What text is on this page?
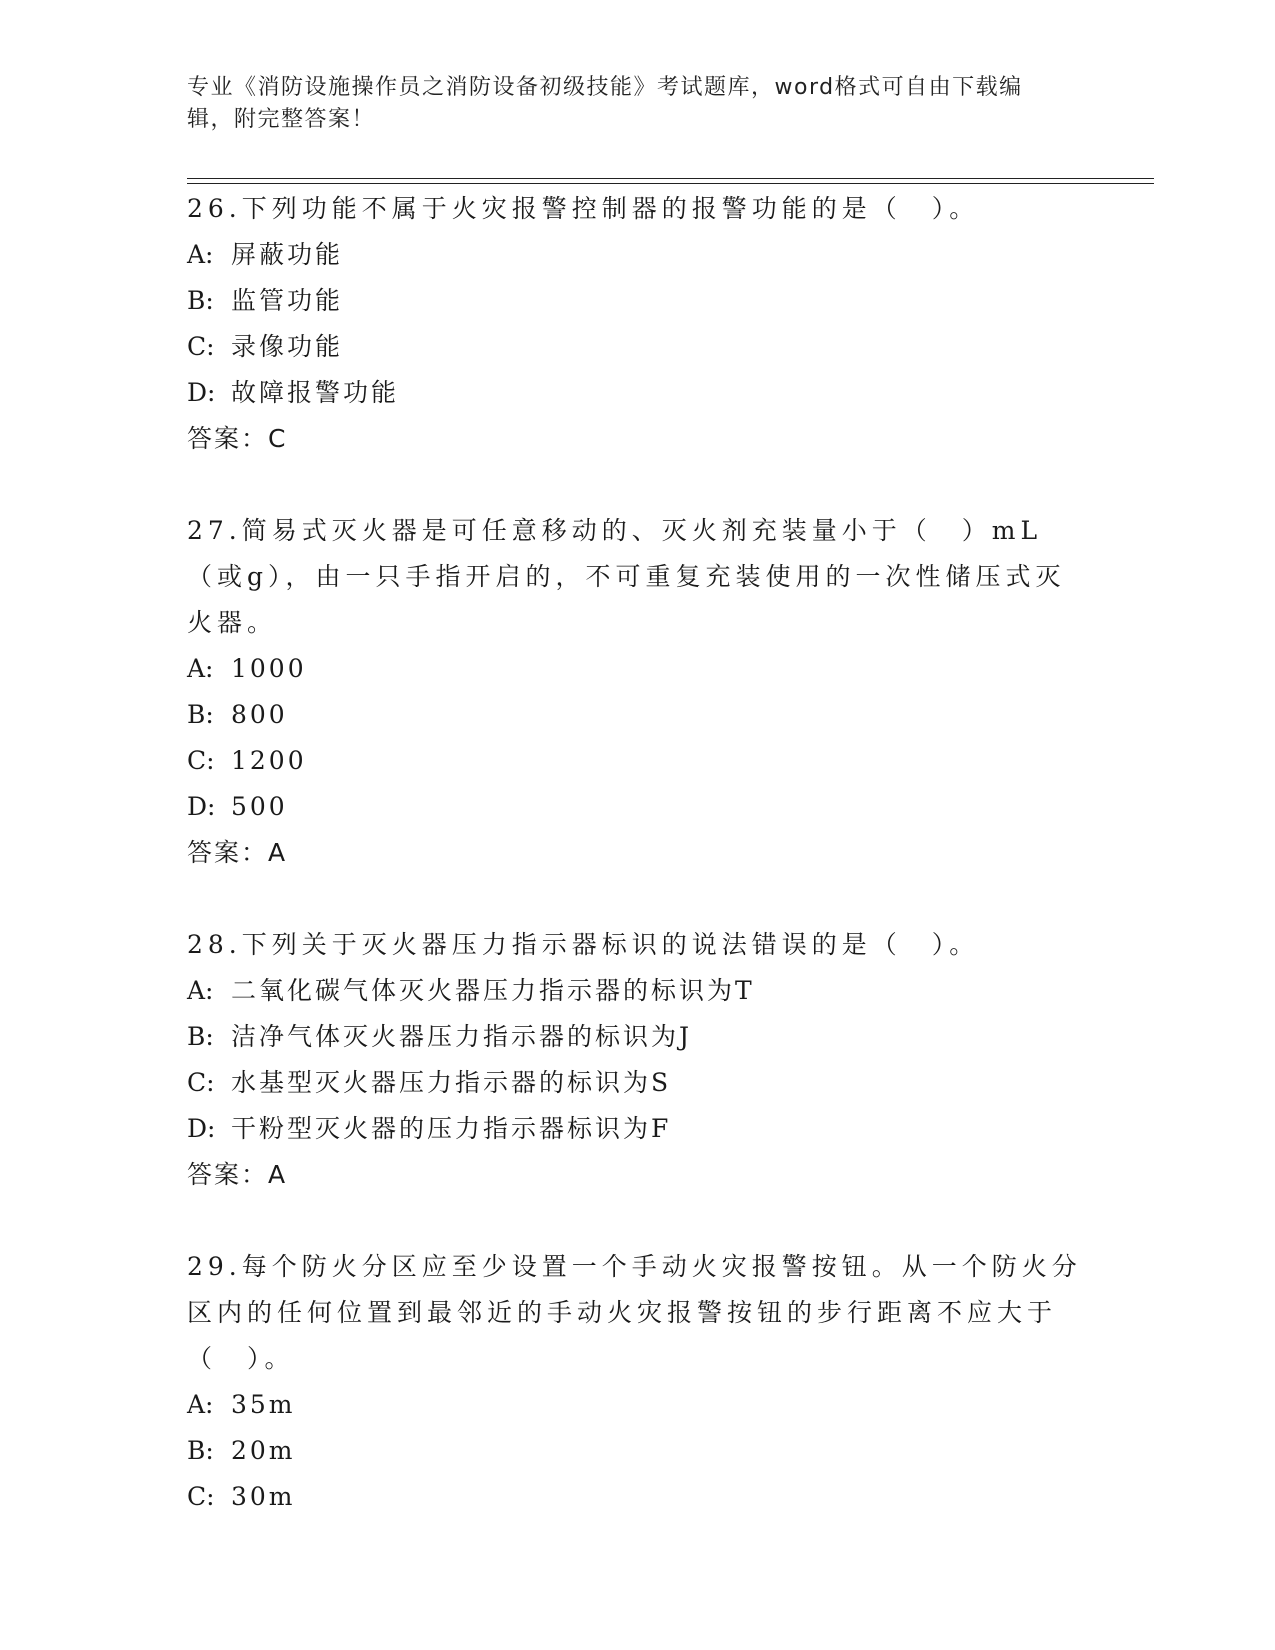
专业《消防设施操作员之消防设备初级技能》考试题库，word格式可自由下载编辑，附完整答案！

26.下列功能不属于火灾报警控制器的报警功能的是（　）。

A: 屏蔽功能

B: 监管功能

C: 录像功能

D: 故障报警功能

答案：C

27.简易式灭火器是可任意移动的、灭火剂充装量小于（　）mL（或g），由一只手指开启的，不可重复充装使用的一次性储压式灭火器。

A: 1000

B: 800

C: 1200

D: 500

答案：A

28.下列关于灭火器压力指示器标识的说法错误的是（　）。

A: 二氧化碳气体灭火器压力指示器的标识为T

B: 洁净气体灭火器压力指示器的标识为J

C: 水基型灭火器压力指示器的标识为S

D: 干粉型灭火器的压力指示器标识为F

答案：A

29.每个防火分区应至少设置一个手动火灾报警按钮。从一个防火分区内的任何位置到最邻近的手动火灾报警按钮的步行距离不应大于（　）。

A: 35m

B: 20m

C: 30m
